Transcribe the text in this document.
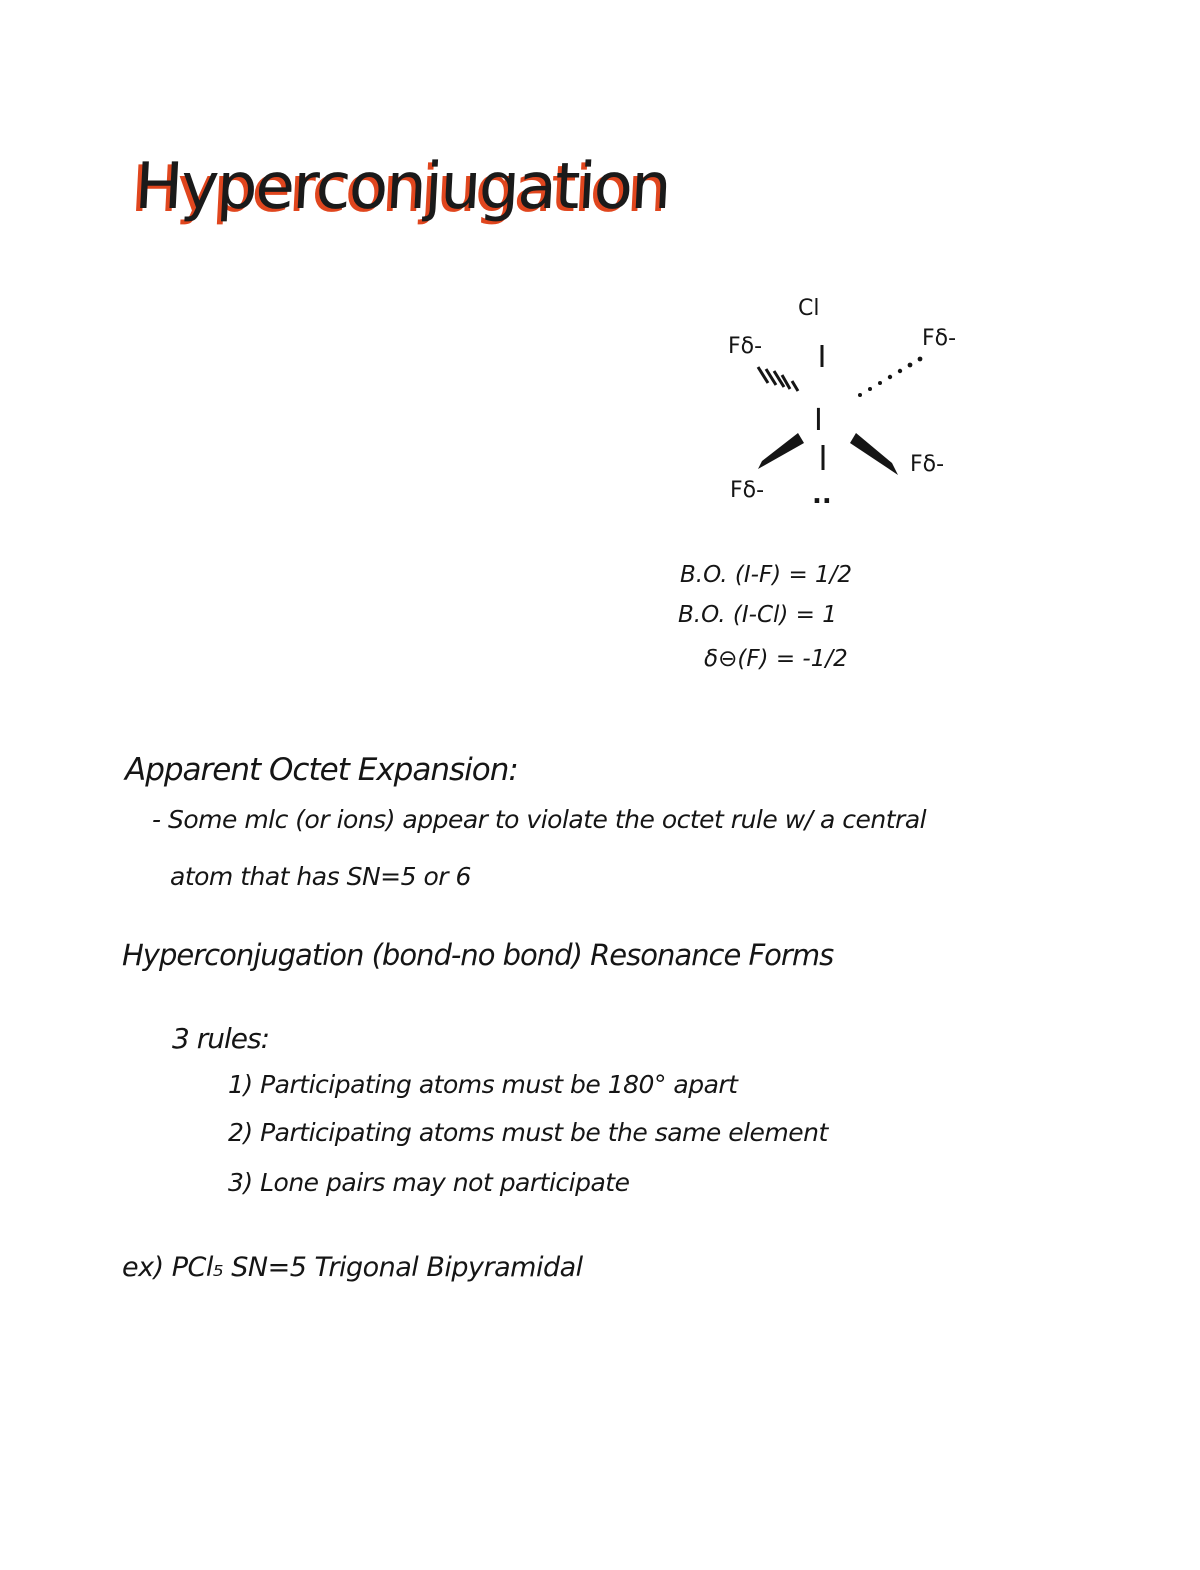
Hyperconjugation
Cl
I
..
Fδ-	Fδ-
Fδ-
Fδ-
B.O. (I-F) = 1/2
B.O. (I-Cl) = 1
δ⊖(F) = -1/2
Apparent Octet Expansion:
- Some mlc (or ions) appear to violate the octet rule w/ a central
atom that has SN=5 or 6
Hyperconjugation (bond-no bond) Resonance Forms
3 rules:
1) Participating atoms must be 180° apart
2) Participating atoms must be the same element
3) Lone pairs may not participate
ex) PCl₅ SN=5 Trigonal Bipyramidal
